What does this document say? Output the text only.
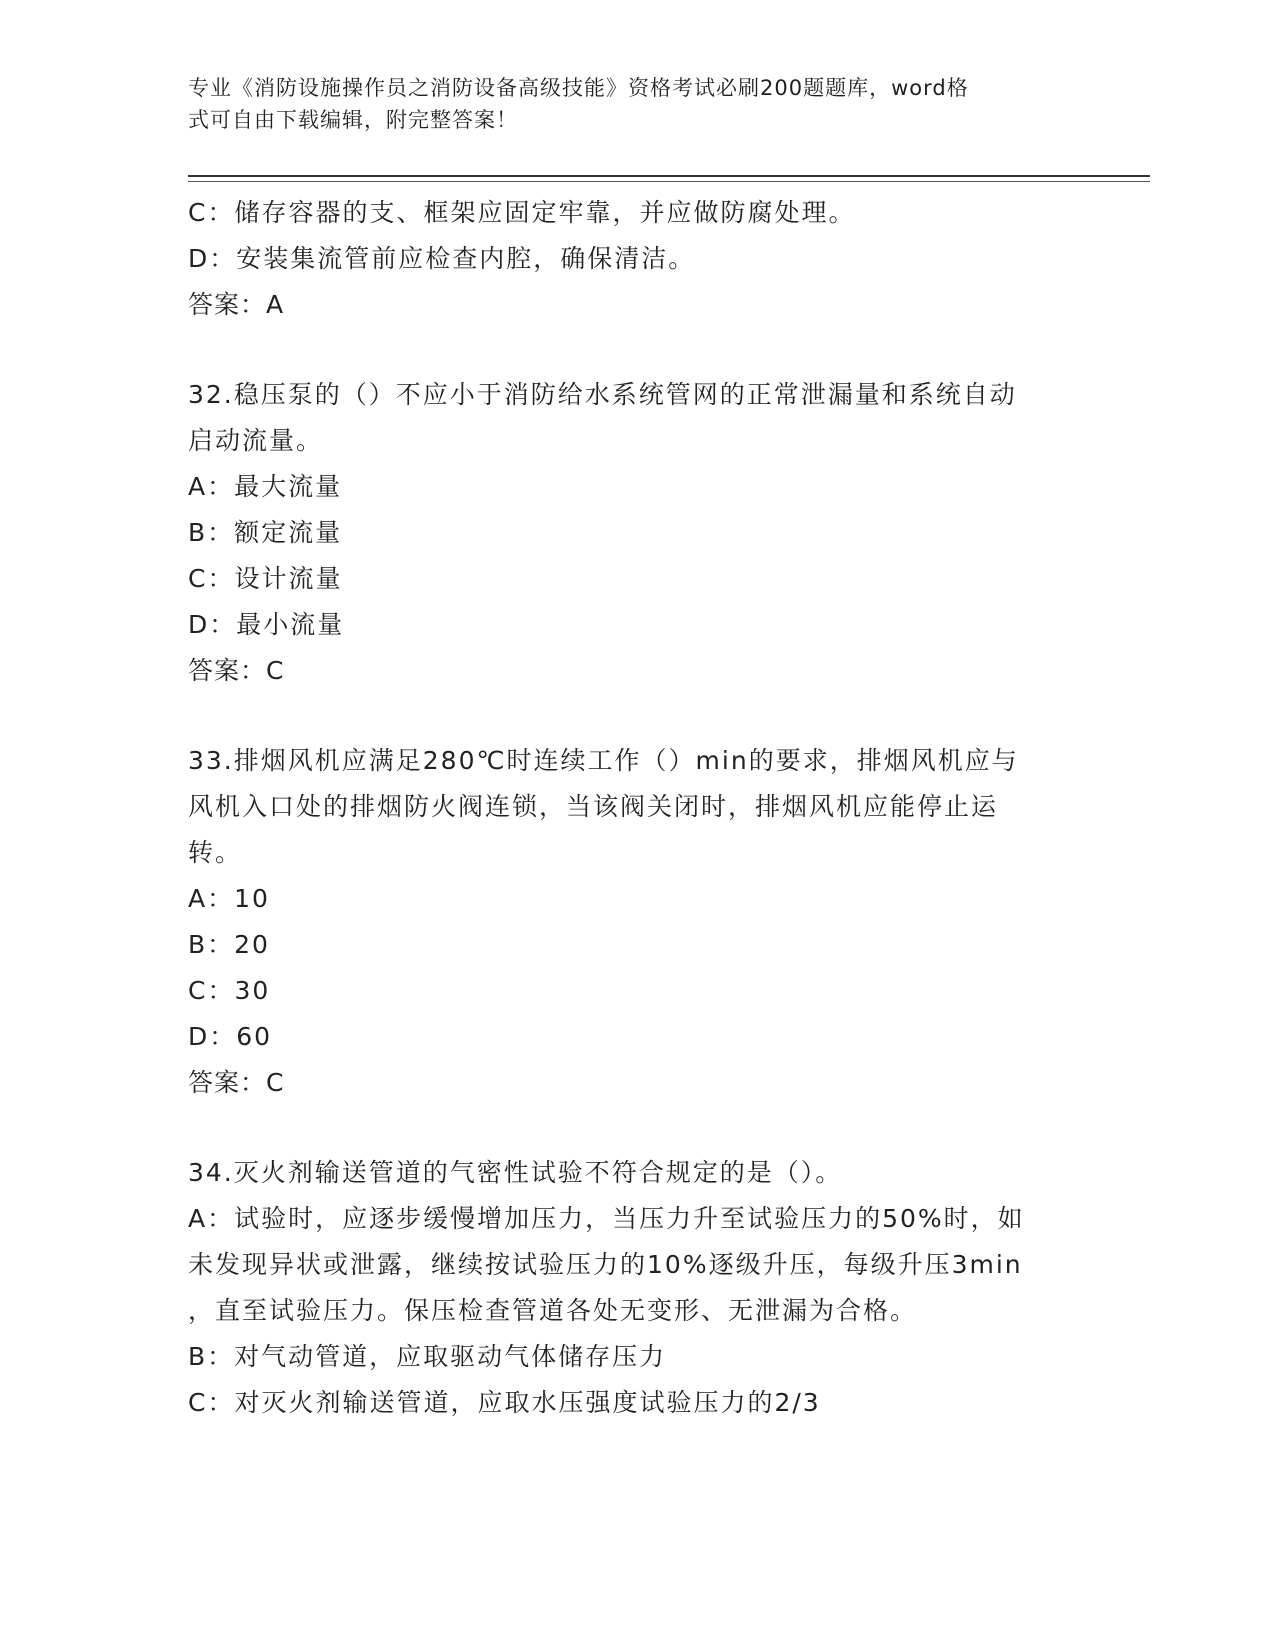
专业《消防设施操作员之消防设备高级技能》资格考试必刷200题题库，word格
式可自由下载编辑，附完整答案！
C：储存容器的支、框架应固定牢靠，并应做防腐处理。
D：安装集流管前应检查内腔，确保清洁。
答案：A
32.稳压泵的（）不应小于消防给水系统管网的正常泄漏量和系统自动
启动流量。
A：最大流量
B：额定流量
C：设计流量
D：最小流量
答案：C
33.排烟风机应满足280℃时连续工作（）min的要求，排烟风机应与
风机入口处的排烟防火阀连锁，当该阀关闭时，排烟风机应能停止运
转。
A：10
B：20
C：30
D：60
答案：C
34.灭火剂输送管道的气密性试验不符合规定的是（）。
A：试验时，应逐步缓慢增加压力，当压力升至试验压力的50%时，如
未发现异状或泄露，继续按试验压力的10%逐级升压，每级升压3min
，直至试验压力。保压检查管道各处无变形、无泄漏为合格。
B：对气动管道，应取驱动气体储存压力
C：对灭火剂输送管道，应取水压强度试验压力的2/3
